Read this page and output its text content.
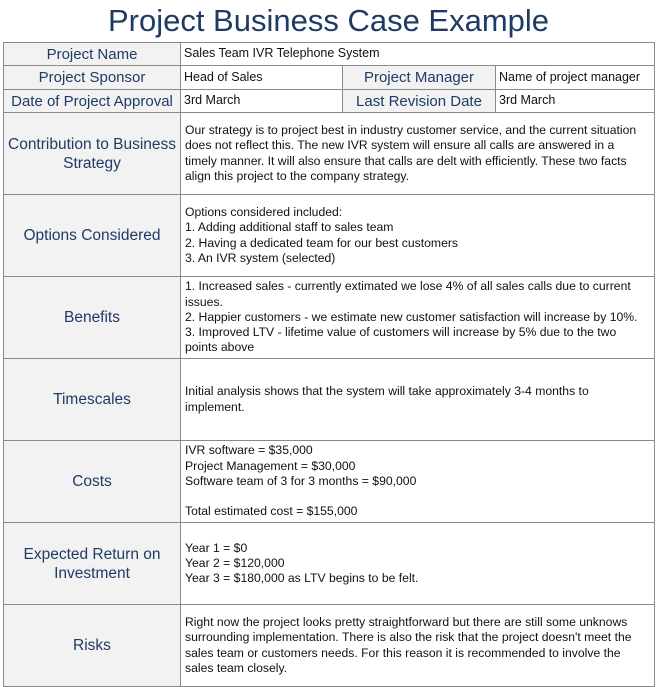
Project Business Case Example
Project Name	Sales Team IVR Telephone System		
Project Sponsor	Head of Sales	Project Manager	Name of project manager
Date of Project Approval	3rd March	Last Revision Date	3rd March
Contribution to Business Strategy	Our strategy is to project best in industry customer service, and the current situation
does not reflect this. The new IVR system will ensure all calls are answered in a
timely manner. It will also ensure that calls are delt with efficiently. These two facts
align this project to the company strategy.		

Options Considered	Options considered included:
1. Adding additional staff to sales team
2. Having a dedicated team for our best customers
3. An IVR system (selected)		

Benefits	1. Increased sales - currently extimated we lose 4% of all sales calls due to current
issues.
2. Happier customers - we estimate new customer satisfaction will increase by 10%.
3. Improved LTV - lifetime value of customers will increase by 5% due to the two
points above		

Timescales	Initial analysis shows that the system will take approximately 3-4 months to
implement.		

Costs	IVR software = $35,000
Project Management = $30,000
Software team of 3 for 3 months = $90,000
Total estimated cost = $155,000		

Expected Return on Investment	Year 1 = $0
Year 2 = $120,000
Year 3 = $180,000 as LTV begins to be felt.		

Risks	Right now the project looks pretty straightforward but there are still some unknows
surrounding implementation. There is also the risk that the project doesn't meet the
sales team or customers needs. For this reason it is recommended to involve the
sales team closely.		
